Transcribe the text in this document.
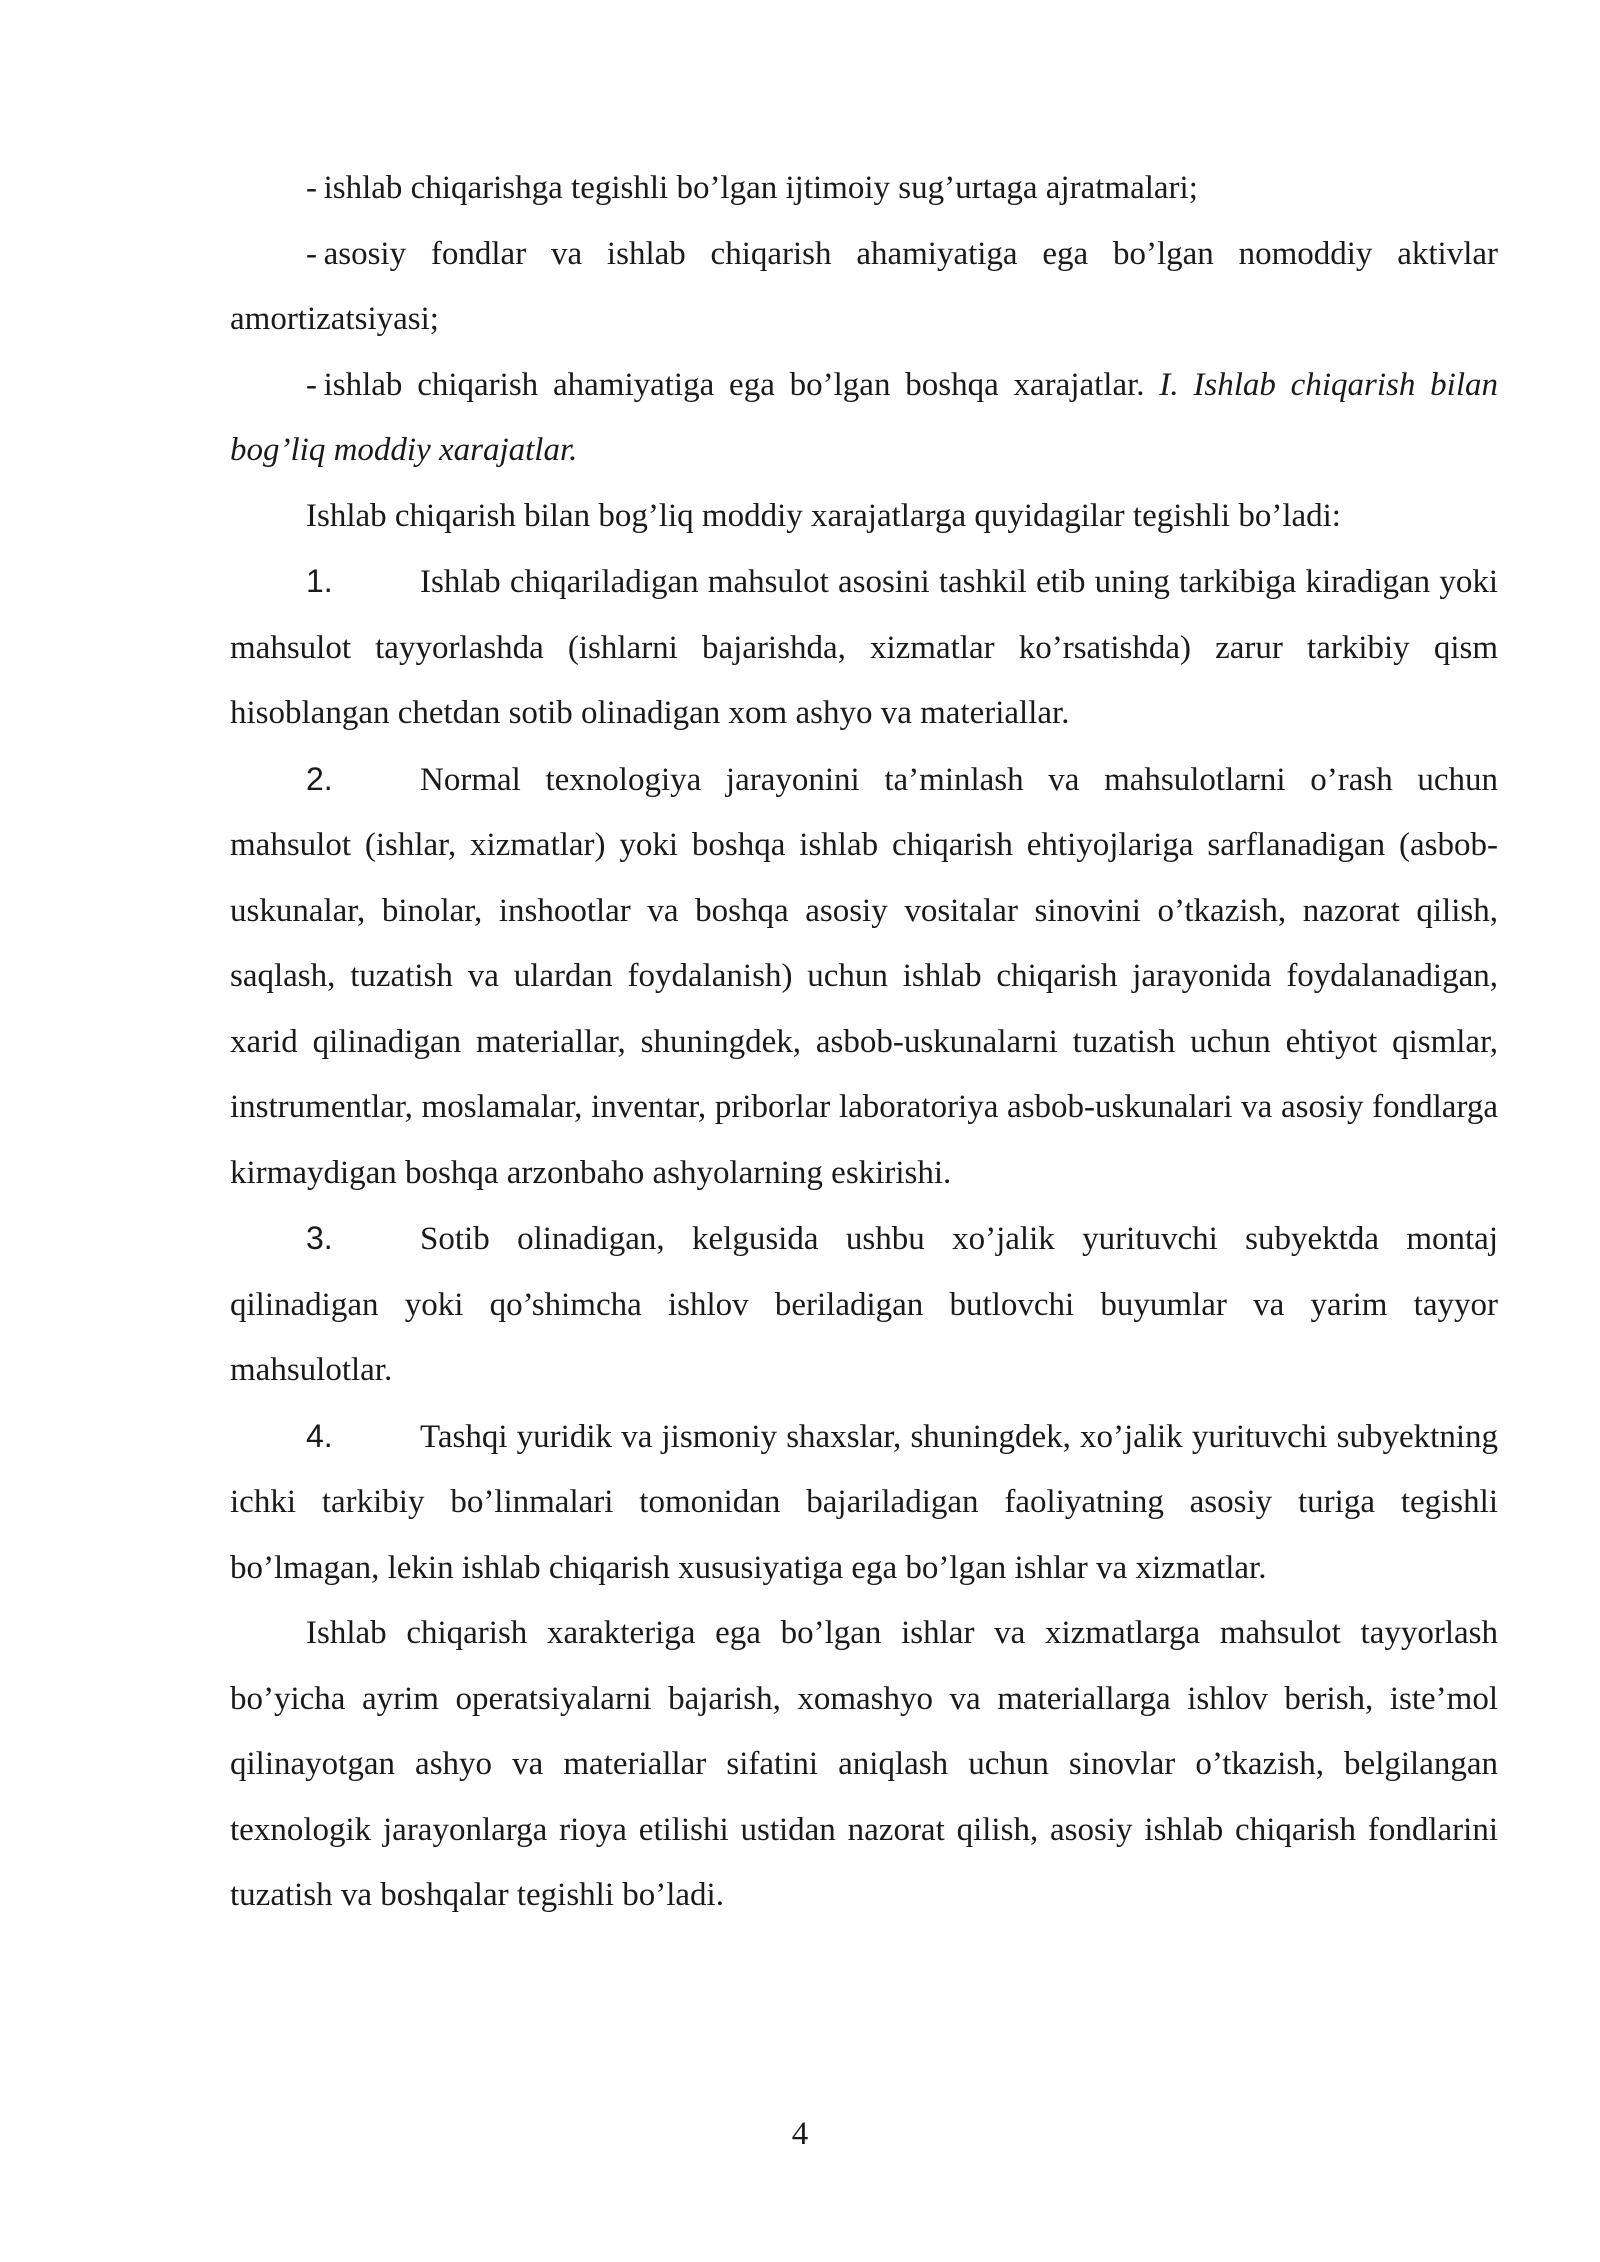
- ishlab chiqarishga tegishli bo’lgan ijtimoiy sug’urtaga ajratmalari;

- asosiy fondlar va ishlab chiqarish ahamiyatiga ega bo’lgan nomoddiy aktivlar amortizatsiyasi;

- ishlab chiqarish ahamiyatiga ega bo’lgan boshqa xarajatlar. I. Ishlab chiqarish bilan bog’liq moddiy xarajatlar.

Ishlab chiqarish bilan bog’liq moddiy xarajatlarga quyidagilar tegishli bo’ladi:

1.	Ishlab chiqariladigan mahsulot asosini tashkil etib uning tarkibiga kiradigan yoki mahsulot tayyorlashda (ishlarni bajarishda, xizmatlar ko’rsatishda) zarur tarkibiy qism hisoblangan chetdan sotib olinadigan xom ashyo va materiallar.

2.	Normal texnologiya jarayonini ta’minlash va mahsulotlarni o’rash uchun mahsulot (ishlar, xizmatlar) yoki boshqa ishlab chiqarish ehtiyojlariga sarflanadigan (asbob-uskunalar, binolar, inshootlar va boshqa asosiy vositalar sinovini o’tkazish, nazorat qilish, saqlash, tuzatish va ulardan foydalanish) uchun ishlab chiqarish jarayonida foydalanadigan, xarid qilinadigan materiallar, shuningdek, asbob-uskunalarni tuzatish uchun ehtiyot qismlar, instrumentlar, moslamalar, inventar, priborlar laboratoriya asbob-uskunalari va asosiy fondlarga kirmaydigan boshqa arzonbaho ashyolarning eskirishi.

3.	Sotib olinadigan, kelgusida ushbu xo’jalik yurituvchi subyektda montaj qilinadigan yoki qo’shimcha ishlov beriladigan butlovchi buyumlar va yarim tayyor mahsulotlar.

4.	Tashqi yuridik va jismoniy shaxslar, shuningdek, xo’jalik yurituvchi subyektning ichki tarkibiy bo’linmalari tomonidan bajariladigan faoliyatning asosiy turiga tegishli bo’lmagan, lekin ishlab chiqarish xususiyatiga ega bo’lgan ishlar va xizmatlar.

Ishlab chiqarish xarakteriga ega bo’lgan ishlar va xizmatlarga mahsulot tayyorlash bo’yicha ayrim operatsiyalarni bajarish, xomashyo va materiallarga ishlov berish, iste’mol qilinayotgan ashyo va materiallar sifatini aniqlash uchun sinovlar o’tkazish, belgilangan texnologik jarayonlarga rioya etilishi ustidan nazorat qilish, asosiy ishlab chiqarish fondlarini tuzatish va boshqalar tegishli bo’ladi.

4
